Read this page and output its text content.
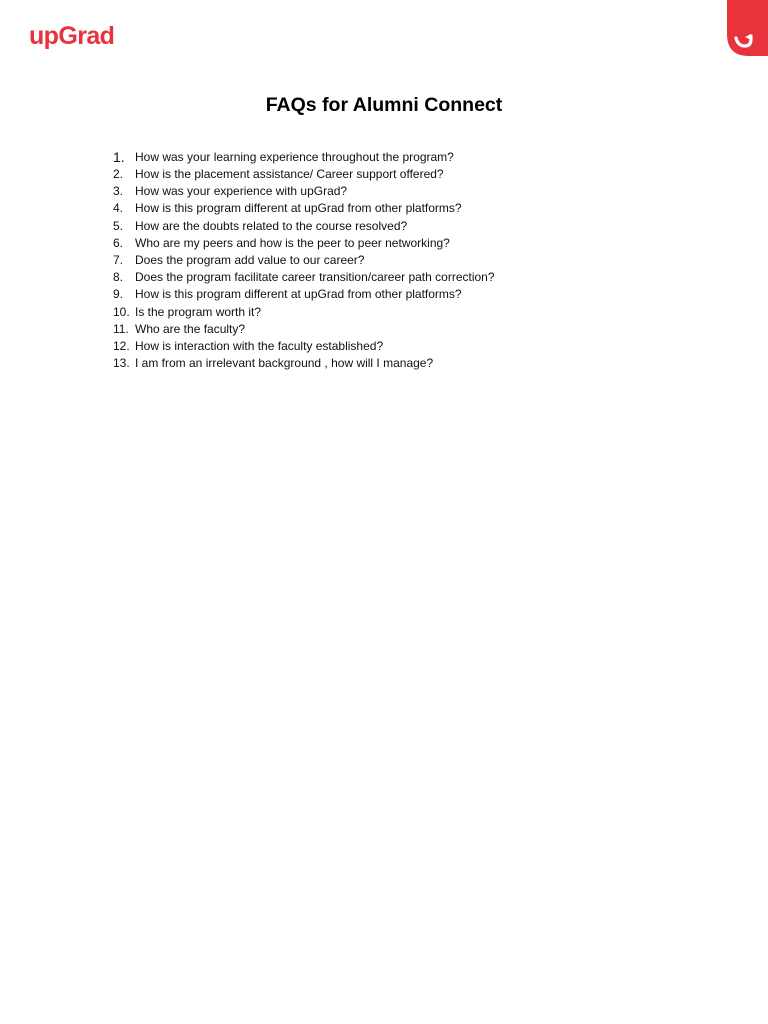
upGrad
FAQs for Alumni Connect
1. How was your learning experience throughout the program?
2. How is the placement assistance/ Career support offered?
3. How was your experience with upGrad?
4. How is this program different at upGrad from other platforms?
5. How are the doubts related to the course resolved?
6. Who are my peers and how is the peer to peer networking?
7. Does the program add value to our career?
8. Does the program facilitate career transition/career path correction?
9. How is this program different at upGrad from other platforms?
10. Is the program worth it?
11. Who are the faculty?
12. How is interaction with the faculty established?
13. I am from an irrelevant background , how will I manage?
